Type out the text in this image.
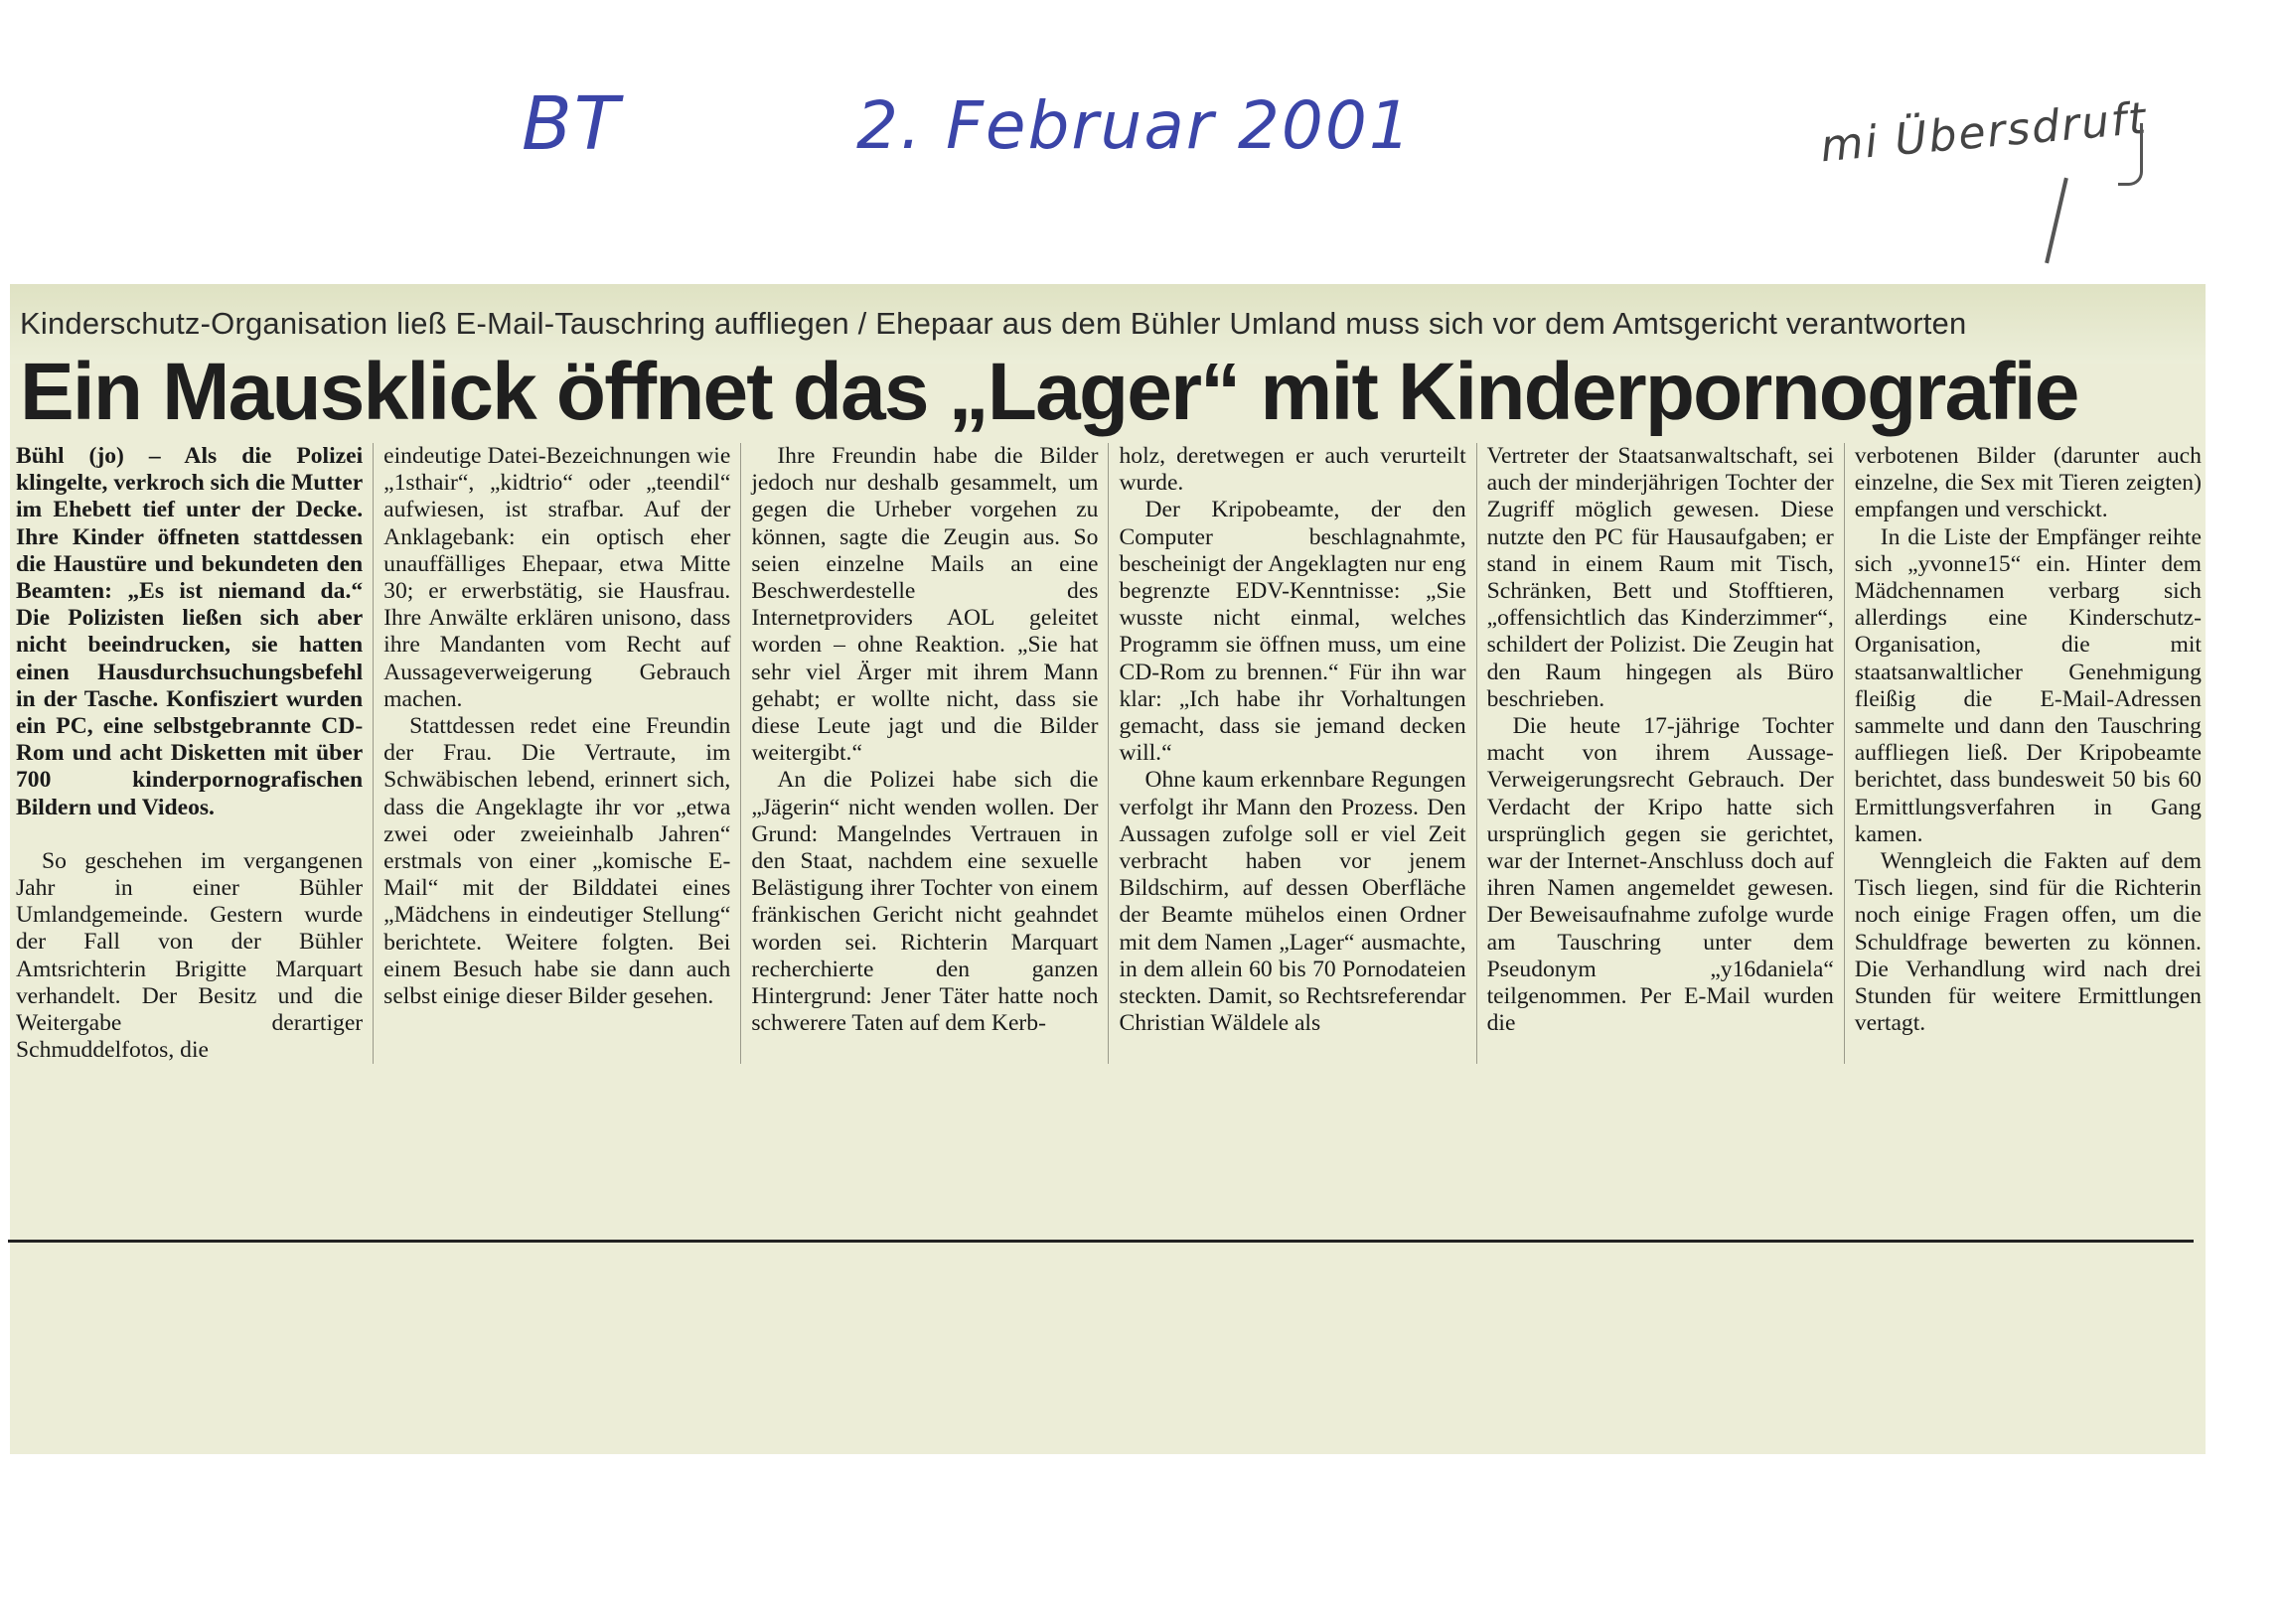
BT	2. Februar 2001	mi Übersdruft
Kinderschutz-Organisation ließ E-Mail-Tauschring auffliegen / Ehepaar aus dem Bühler Umland muss sich vor dem Amtsgericht verantworten
Ein Mausklick öffnet das „Lager“ mit Kinderpornografie

Bühl (jo) – Als die Polizei klingelte, verkroch sich die Mutter im Ehebett tief unter der Decke. Ihre Kinder öffneten stattdessen die Haustüre und bekundeten den Beamten: „Es ist niemand da.“ Die Polizisten ließen sich aber nicht beeindrucken, sie hatten einen Hausdurchsuchungsbefehl in der Tasche. Konfisziert wurden ein PC, eine selbstgebrannte CD-Rom und acht Disketten mit über 700 kinderpornografischen Bildern und Videos.

So geschehen im vergangenen Jahr in einer Bühler Umlandgemeinde. Gestern wurde der Fall von der Bühler Amtsrichterin Brigitte Marquart verhandelt. Der Besitz und die Weitergabe derartiger Schmuddelfotos, die

eindeutige Datei-Bezeichnungen wie „1sthair“, „kidtrio“ oder „teendil“ aufwiesen, ist strafbar. Auf der Anklagebank: ein optisch eher unauffälliges Ehepaar, etwa Mitte 30; er erwerbstätig, sie Hausfrau. Ihre Anwälte erklären unisono, dass ihre Mandanten vom Recht auf Aussageverweigerung Gebrauch machen.

Stattdessen redet eine Freundin der Frau. Die Vertraute, im Schwäbischen lebend, erinnert sich, dass die Angeklagte ihr vor „etwa zwei oder zweieinhalb Jahren“ erstmals von einer „komische E-Mail“ mit der Bilddatei eines „Mädchens in eindeutiger Stellung“ berichtete. Weitere folgten. Bei einem Besuch habe sie dann auch selbst einige dieser Bilder gesehen.

Ihre Freundin habe die Bilder jedoch nur deshalb gesammelt, um gegen die Urheber vorgehen zu können, sagte die Zeugin aus. So seien einzelne Mails an eine Beschwerdestelle des Internetproviders AOL geleitet worden – ohne Reaktion. „Sie hat sehr viel Ärger mit ihrem Mann gehabt; er wollte nicht, dass sie diese Leute jagt und die Bilder weitergibt.“

An die Polizei habe sich die „Jägerin“ nicht wenden wollen. Der Grund: Mangelndes Vertrauen in den Staat, nachdem eine sexuelle Belästigung ihrer Tochter von einem fränkischen Gericht nicht geahndet worden sei. Richterin Marquart recherchierte den ganzen Hintergrund: Jener Täter hatte noch schwerere Taten auf dem Kerb-

holz, deretwegen er auch verurteilt wurde.

Der Kripobeamte, der den Computer beschlagnahmte, bescheinigt der Angeklagten nur eng begrenzte EDV-Kenntnisse: „Sie wusste nicht einmal, welches Programm sie öffnen muss, um eine CD-Rom zu brennen.“ Für ihn war klar: „Ich habe ihr Vorhaltungen gemacht, dass sie jemand decken will.“

Ohne kaum erkennbare Regungen verfolgt ihr Mann den Prozess. Den Aussagen zufolge soll er viel Zeit verbracht haben vor jenem Bildschirm, auf dessen Oberfläche der Beamte mühelos einen Ordner mit dem Namen „Lager“ ausmachte, in dem allein 60 bis 70 Pornodateien steckten. Damit, so Rechtsreferendar Christian Wäldele als

Vertreter der Staatsanwaltschaft, sei auch der minderjährigen Tochter der Zugriff möglich gewesen. Diese nutzte den PC für Hausaufgaben; er stand in einem Raum mit Tisch, Schränken, Bett und Stofftieren, „offensichtlich das Kinderzimmer“, schildert der Polizist. Die Zeugin hat den Raum hingegen als Büro beschrieben.

Die heute 17-jährige Tochter macht von ihrem Aussage-Verweigerungsrecht Gebrauch. Der Verdacht der Kripo hatte sich ursprünglich gegen sie gerichtet, war der Internet-Anschluss doch auf ihren Namen angemeldet gewesen. Der Beweisaufnahme zufolge wurde am Tauschring unter dem Pseudonym „y16daniela“ teilgenommen. Per E-Mail wurden die

verbotenen Bilder (darunter auch einzelne, die Sex mit Tieren zeigten) empfangen und verschickt.

In die Liste der Empfänger reihte sich „yvonne15“ ein. Hinter dem Mädchennamen verbarg sich allerdings eine Kinderschutz-Organisation, die mit staatsanwaltlicher Genehmigung fleißig die E-Mail-Adressen sammelte und dann den Tauschring auffliegen ließ. Der Kripobeamte berichtet, dass bundesweit 50 bis 60 Ermittlungsverfahren in Gang kamen.

Wenngleich die Fakten auf dem Tisch liegen, sind für die Richterin noch einige Fragen offen, um die Schuldfrage bewerten zu können. Die Verhandlung wird nach drei Stunden für weitere Ermittlungen vertagt.
